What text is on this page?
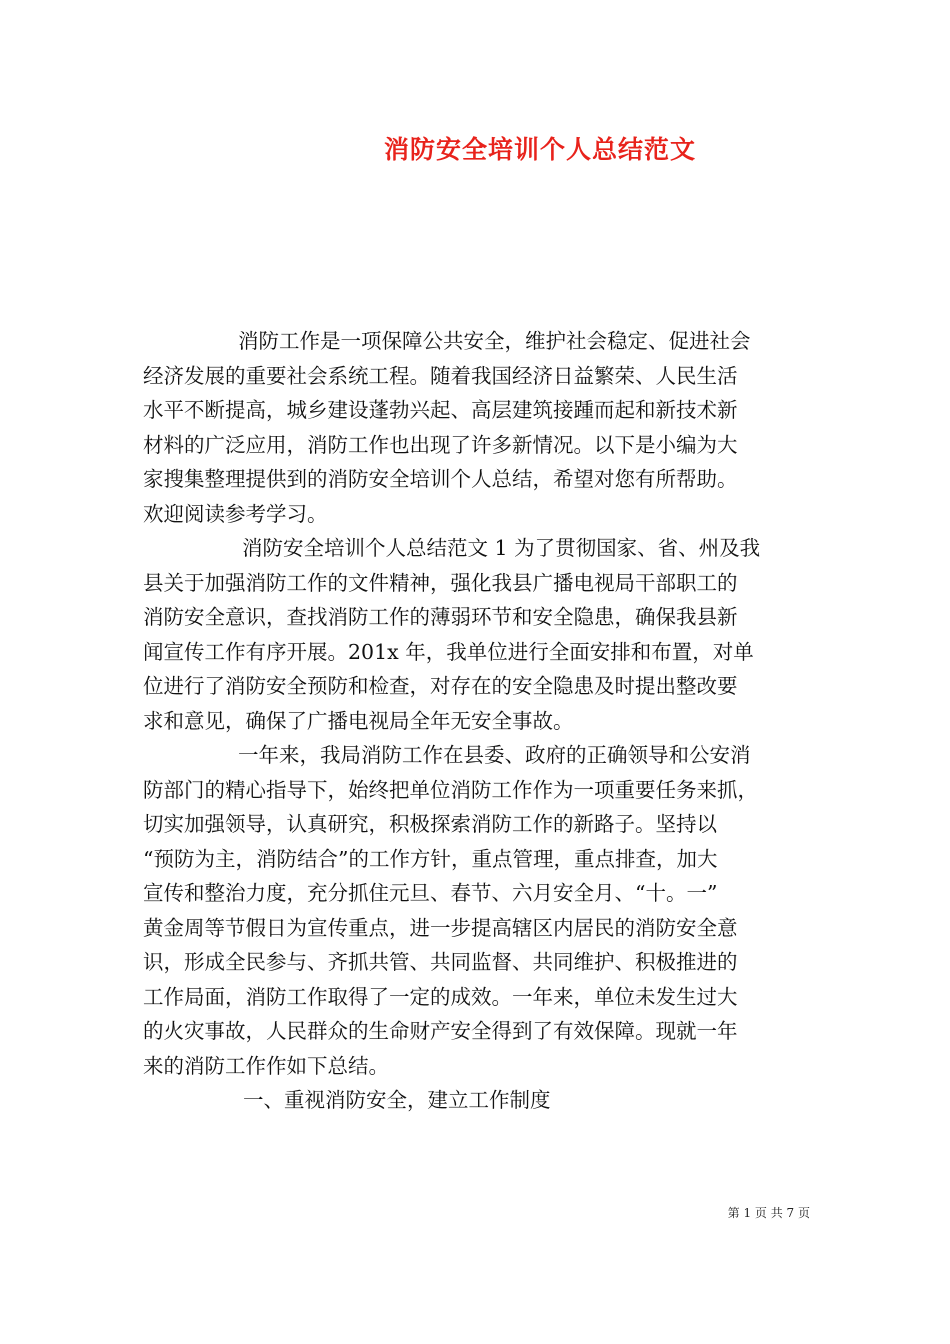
消防安全培训个人总结范文
消防工作是一项保障公共安全，维护社会稳定、促进社会
经济发展的重要社会系统工程。随着我国经济日益繁荣、人民生活
水平不断提高，城乡建设蓬勃兴起、高层建筑接踵而起和新技术新
材料的广泛应用，消防工作也出现了许多新情况。以下是小编为大
家搜集整理提供到的消防安全培训个人总结，希望对您有所帮助。
欢迎阅读参考学习。
消防安全培训个人总结范文 1 为了贯彻国家、省、州及我
县关于加强消防工作的文件精神，强化我县广播电视局干部职工的
消防安全意识，查找消防工作的薄弱环节和安全隐患，确保我县新
闻宣传工作有序开展。201x 年，我单位进行全面安排和布置，对单
位进行了消防安全预防和检查，对存在的安全隐患及时提出整改要
求和意见，确保了广播电视局全年无安全事故。
一年来，我局消防工作在县委、政府的正确领导和公安消
防部门的精心指导下，始终把单位消防工作作为一项重要任务来抓，
切实加强领导，认真研究，积极探索消防工作的新路子。坚持以
“预防为主，消防结合”的工作方针，重点管理，重点排查，加大
宣传和整治力度，充分抓住元旦、春节、六月安全月、“十。一”
黄金周等节假日为宣传重点，进一步提高辖区内居民的消防安全意
识，形成全民参与、齐抓共管、共同监督、共同维护、积极推进的
工作局面，消防工作取得了一定的成效。一年来，单位未发生过大
的火灾事故，人民群众的生命财产安全得到了有效保障。现就一年
来的消防工作作如下总结。
一、重视消防安全，建立工作制度
第 1 页 共 7 页
